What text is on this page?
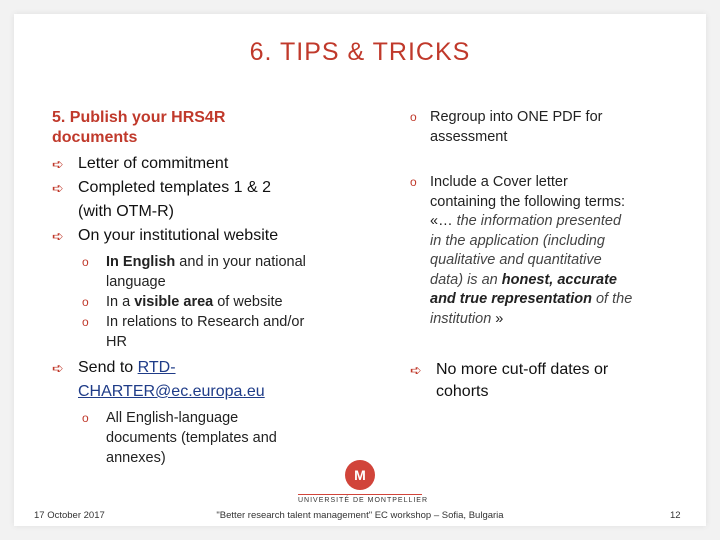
6. TIPS & TRICKS
5. Publish your HRS4R
documents
➪ Letter of commitment
➪ Completed templates 1 & 2
(with OTM-R)
➪ On your institutional website
o	In English and in your national
language
o	In a visible area of website
o	In relations to Research and/or
HR
➪ Send to RTD-
CHARTER@ec.europa.eu
o	All English-language
documents (templates and
annexes)
o Regroup into ONE PDF for
assessment
o Include a Cover letter
containing the following terms:
«… the information presented
in the application (including
qualitative and quantitative
data) is an honest, accurate
and true representation of the
institution »
➪ No more cut-off dates or
cohorts
M
UNIVERSITÉ DE MONTPELLIER
17 October 2017	"Better research talent management" EC workshop – Sofia, Bulgaria	12
